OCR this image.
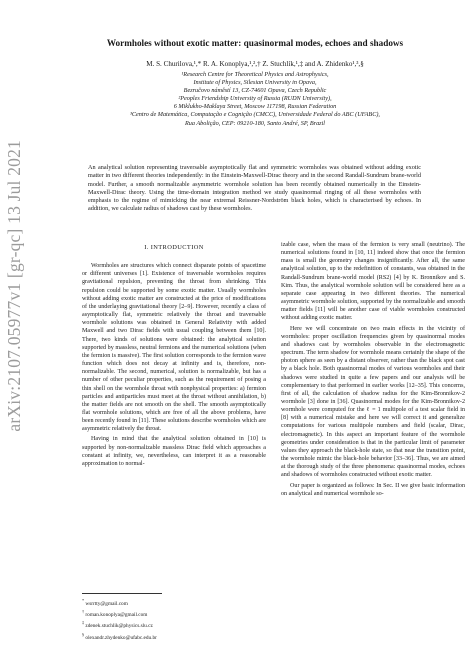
arXiv:2107.05977v1 [gr-qc] 13 Jul 2021
Wormholes without exotic matter: quasinormal modes, echoes and shadows

M. S. Churilova,¹,* R. A. Konoplya,¹,²,† Z. Stuchlík,¹,‡ and A. Zhidenko¹,³,§

¹Research Centre for Theoretical Physics and Astrophysics,
Institute of Physics, Silesian University in Opava,
Bezručovo náměstí 13, CZ-74601 Opava, Czech Republic
²Peoples Friendship University of Russia (RUDN University),
6 Miklukho-Maklaya Street, Moscow 117198, Russian Federation
³Centro de Matemática, Computação e Cognição (CMCC), Universidade Federal do ABC (UFABC),
Rua Abolição, CEP: 09210-180, Santo André, SP, Brazil

An analytical solution representing traversable asymptotically flat and symmetric wormholes was obtained without adding exotic matter in two different theories independently: in the Einstein-Maxwell-Dirac theory and in the second Randall-Sundrum brane-world model. Further, a smooth normalizable asymmetric wormhole solution has been recently obtained numerically in the Einstein-Maxwell-Dirac theory. Using the time-domain integration method we study quasinormal ringing of all these wormholes with emphasis to the regime of mimicking the near extremal Reissner-Nordström black holes, which is characterised by echoes. In addition, we calculate radius of shadows cast by these wormholes.

I. INTRODUCTION

Wormholes are structures which connect disparate points of spacetime or different universes [1]. Existence of traversable wormholes requires gravitational repulsion, preventing the throat from shrinking. This repulsion could be supported by some exotic matter. Usually wormholes without adding exotic matter are constructed at the price of modifications of the underlaying gravitational theory [2–9]. However, recently a class of asymptotically flat, symmetric relatively the throat and traversable wormhole solutions was obtained in General Relativity with added Maxwell and two Dirac fields with usual coupling between them [10]. There, two kinds of solutions were obtained: the analytical solution supported by massless, neutral fermions and the numerical solutions (when the fermion is massive). The first solution corresponds to the fermion wave function which does not decay at infinity and is, therefore, non-normalizable. The second, numerical, solution is normalizable, but has a number of other peculiar properties, such as the requirement of posing a thin shell on the wormhole throat with nonphysical properties: a) fermion particles and antiparticles must meet at the throat without annihilation, b) the matter fields are not smooth on the shell. The smooth asymptotically flat wormhole solutions, which are free of all the above problems, have been recently found in [11]. These solutions describe wormholes which are asymmetric relatively the throat.

Having in mind that the analytical solution obtained in [10] is supported by non-normalizable massless Dirac field which approaches a constant at infinity, we, nevertheless, can interpret it as a reasonable approximation to normal-

izable case, when the mass of the fermion is very small (neutrino). The numerical solutions found in [10, 11] indeed show that once the fermion mass is small the geometry changes insignificantly. After all, the same analytical solution, up to the redefinition of constants, was obtained in the Randall-Sundrum brane-world model (RS2) [4] by K. Bronnikov and S. Kim. Thus, the analytical wormhole solution will be considered here as a separate case appearing in two different theories. The numerical asymmetric wormhole solution, supported by the normalizable and smooth matter fields [11] will be another case of viable wormholes constructed without adding exotic matter.

Here we will concentrate on two main effects in the vicinity of wormholes: proper oscillation frequencies given by quasinormal modes and shadows cast by wormholes observable in the electromagnetic spectrum. The term shadow for wormhole means certainly the shape of the photon sphere as seen by a distant observer, rather than the black spot cast by a black hole. Both quasinormal modes of various wormholes and their shadows were studied in quite a few papers and our analysis will be complementary to that performed in earlier works [12–35]. This concerns, first of all, the calculation of shadow radius for the Kim-Bronnikov-2 wormhole [3] done in [36]. Quasinormal modes for the Kim-Bronnikov-2 wormhole were computed for the ℓ = 1 multipole of a test scalar field in [8] with a numerical mistake and here we will correct it and generalize computations for various multipole numbers and field (scalar, Dirac, electromagnetic). In this aspect an important feature of the wormhole geometries under consideration is that in the particular limit of parameter values they approach the black-hole state, so that near the transition point, the wormhole mimic the black-hole behavior [33–36]. Thus, we are aimed at the thorough study of the three phenomena: quasinormal modes, echoes and shadows of wormholes constructed without exotic matter.

Our paper is organized as follows: In Sec. II we give basic information on analytical and numerical wormhole so-

* wsrrtty@gmail.com
† roman.konoplya@gmail.com
‡ zdenek.stuchlik@physics.slu.cz
§ olexandr.zhydenko@ufabc.edu.br
